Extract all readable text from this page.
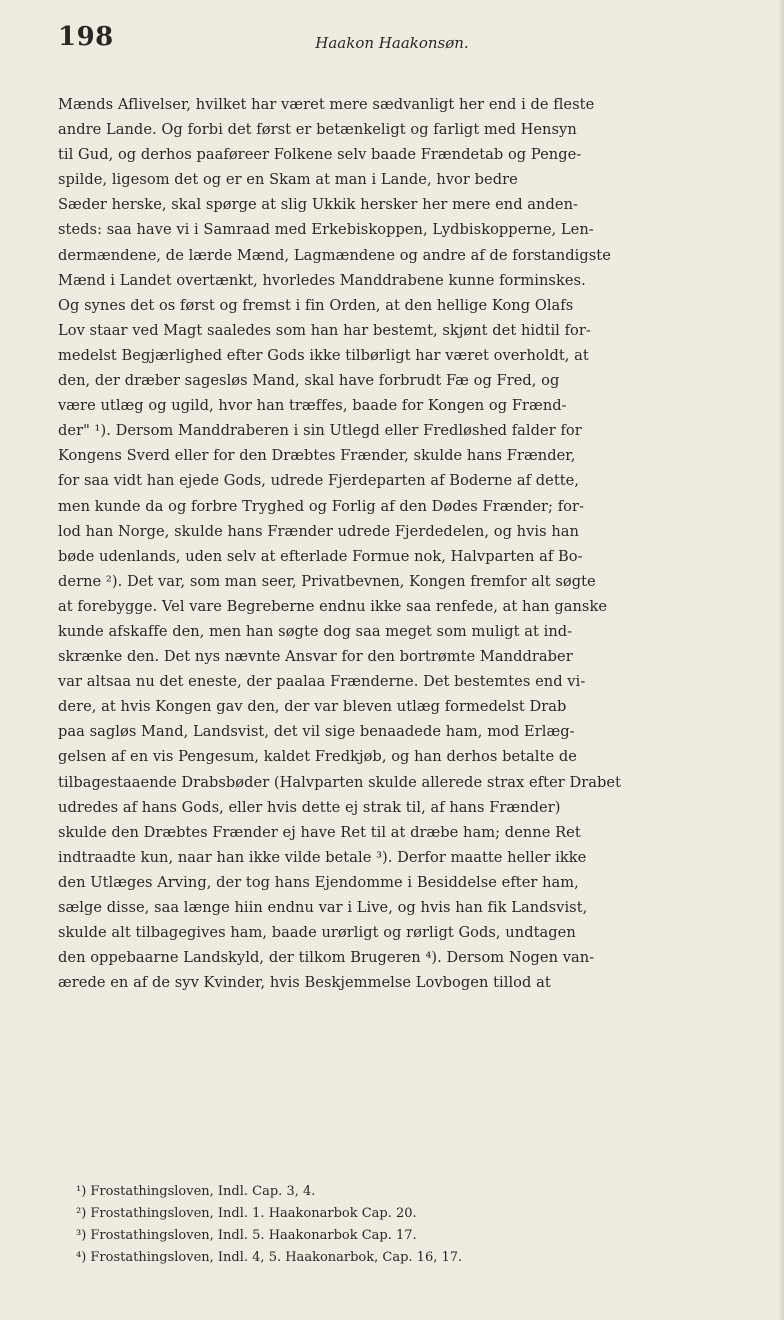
198	Haakon Haakonsøn.
Mænds Aflivelser, hvilket har været mere sædvanligt her end i de fleste
andre Lande. Og forbi det først er betænkeligt og farligt med Hensyn
til Gud, og derhos paaføreer Folkene selv baade Frændetab og Penge-
spilde, ligesom det og er en Skam at man i Lande, hvor bedre
Sæder herske, skal spørge at slig Ukkik hersker her mere end anden-
steds: saa have vi i Samraad med Erkebiskoppen, Lydbiskopperne, Len-
dermændene, de lærde Mænd, Lagmændene og andre af de forstandigste
Mænd i Landet overtænkt, hvorledes Manddrabene kunne forminskes.
Og synes det os først og fremst i fin Orden, at den hellige Kong Olafs
Lov staar ved Magt saaledes som han har bestemt, skjønt det hidtil for-
medelst Begjærlighed efter Gods ikke tilbørligt har været overholdt, at
den, der dræber sagesløs Mand, skal have forbrudt Fæ og Fred, og
være utlæg og ugild, hvor han træffes, baade for Kongen og Frænd-
der" ¹). Dersom Manddraberen i sin Utlegd eller Fredløshed falder for
Kongens Sverd eller for den Dræbtes Frænder, skulde hans Frænder,
for saa vidt han ejede Gods, udrede Fjerdeparten af Boderne af dette,
men kunde da og forbre Tryghed og Forlig af den Dødes Frænder; for-
lod han Norge, skulde hans Frænder udrede Fjerdedelen, og hvis han
bøde udenlands, uden selv at efterlade Formue nok, Halvparten af Bo-
derne ²). Det var, som man seer, Privatbevnen, Kongen fremfor alt søgte
at forebygge. Vel vare Begreberne endnu ikke saa renfede, at han ganske
kunde afskaffe den, men han søgte dog saa meget som muligt at ind-
skrænke den. Det nys nævnte Ansvar for den bortrømte Manddraber
var altsaa nu det eneste, der paalaa Frænderne. Det bestemtes end vi-
dere, at hvis Kongen gav den, der var bleven utlæg formedelst Drab
paa sagløs Mand, Landsvist, det vil sige benaadede ham, mod Erlæg-
gelsen af en vis Pengesum, kaldet Fredkjøb, og han derhos betalte de
tilbagestaaende Drabsbøder (Halvparten skulde allerede strax efter Drabet
udredes af hans Gods, eller hvis dette ej strak til, af hans Frænder)
skulde den Dræbtes Frænder ej have Ret til at dræbe ham; denne Ret
indtraadte kun, naar han ikke vilde betale ³). Derfor maatte heller ikke
den Utlæges Arving, der tog hans Ejendomme i Besiddelse efter ham,
sælge disse, saa længe hiin endnu var i Live, og hvis han fik Landsvist,
skulde alt tilbagegives ham, baade urørligt og rørligt Gods, undtagen
den oppebaarne Landskyld, der tilkom Brugeren ⁴). Dersom Nogen van-
ærede en af de syv Kvinder, hvis Beskjemmelse Lovbogen tillod at
¹) Frostathingsloven, Indl. Cap. 3, 4.
²) Frostathingsloven, Indl. 1. Haakonarbok Cap. 20.
³) Frostathingsloven, Indl. 5. Haakonarbok Cap. 17.
⁴) Frostathingsloven, Indl. 4, 5. Haakonarbok, Cap. 16, 17.
